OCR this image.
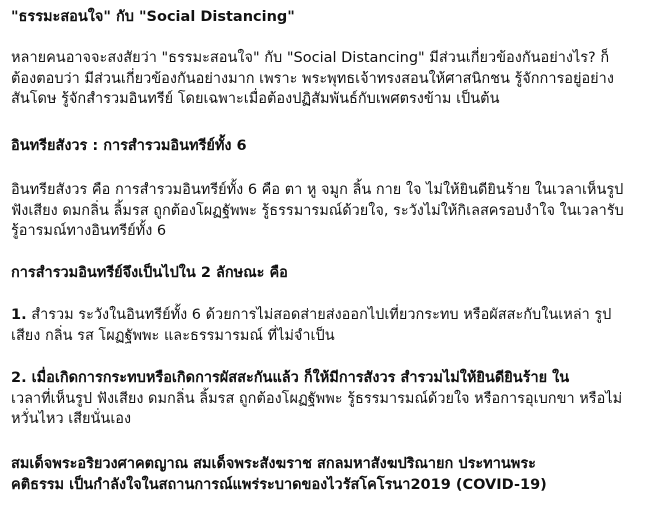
"ธรรมะสอนใจ" กับ "Social Distancing"
หลายคนอาจจะสงสัยว่า "ธรรมะสอนใจ" กับ "Social Distancing" มีส่วนเกี่ยวข้องกันอย่างไร? ก็
ต้องตอบว่า มีส่วนเกี่ยวข้องกันอย่างมาก เพราะ พระพุทธเจ้าทรงสอนให้ศาสนิกชน รู้จักการอยู่อย่าง
สันโดษ รู้จักสำรวมอินทรีย์ โดยเฉพาะเมื่อต้องปฏิสัมพันธ์กับเพศตรงข้าม เป็นต้น
อินทรียสังวร : การสำรวมอินทรีย์ทั้ง 6
อินทรียสังวร คือ การสำรวมอินทรีย์ทั้ง 6 คือ ตา หู จมูก ลิ้น กาย ใจ ไม่ให้ยินดียินร้าย ในเวลาเห็นรูป
ฟังเสียง ดมกลิ่น ลิ้มรส ถูกต้องโผฏฐัพพะ รู้ธรรมารมณ์ด้วยใจ, ระวังไม่ให้กิเลสครอบงำใจ ในเวลารับ
รู้อารมณ์ทางอินทรีย์ทั้ง 6
การสำรวมอินทรีย์จึงเป็นไปใน 2 ลักษณะ คือ
1. สำรวม ระวังในอินทรีย์ทั้ง 6 ด้วยการไม่สอดส่ายส่งออกไปเที่ยวกระทบ หรือผัสสะกับในเหล่า รูป
เสียง กลิ่น รส โผฏฐัพพะ และธรรมารมณ์ ที่ไม่จำเป็น
2. เมื่อเกิดการกระทบหรือเกิดการผัสสะกันแล้ว ก็ให้มีการสังวร สำรวมไม่ให้ยินดียินร้าย ใน
เวลาที่เห็นรูป ฟังเสียง ดมกลิ่น ลิ้มรส ถูกต้องโผฏฐัพพะ รู้ธรรมารมณ์ด้วยใจ หรือการอุเบกขา หรือไม่
หวั่นไหว เสียนั่นเอง
สมเด็จพระอริยวงศาคตญาณ สมเด็จพระสังฆราช สกลมหาสังฆปริณายก ประทานพระ
คติธรรม เป็นกำลังใจในสถานการณ์แพร่ระบาดของไวรัสโคโรนา2019 (COVID-19)
